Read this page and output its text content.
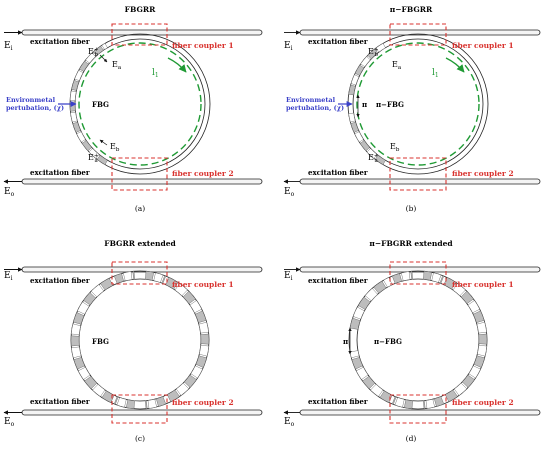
FBGRR
$E_i$
$E_o$
excitation fiber
excitation fiber
$l_1$
fiber coupler 1
fiber coupler 2
FBG
Environmetal
pertubation, (χ)
E+ b
$E_a$
$E_b$
E+ a
(a)
π−FBGRR
$E_i$
$E_o$
excitation fiber
excitation fiber
$l_1$
fiber coupler 1
fiber coupler 2
π−FBG
π
Environmetal
pertubation, (χ)
E+ b
$E_a$
$E_b$
E+ a
(b)
FBGRR extended
$E_i$
$E_o$
excitation fiber
excitation fiber
fiber coupler 1
fiber coupler 2
FBG
(c)
π−FBGRR extended
$E_i$
$E_o$
excitation fiber
excitation fiber
fiber coupler 1
fiber coupler 2
π−FBG
π
(d)
